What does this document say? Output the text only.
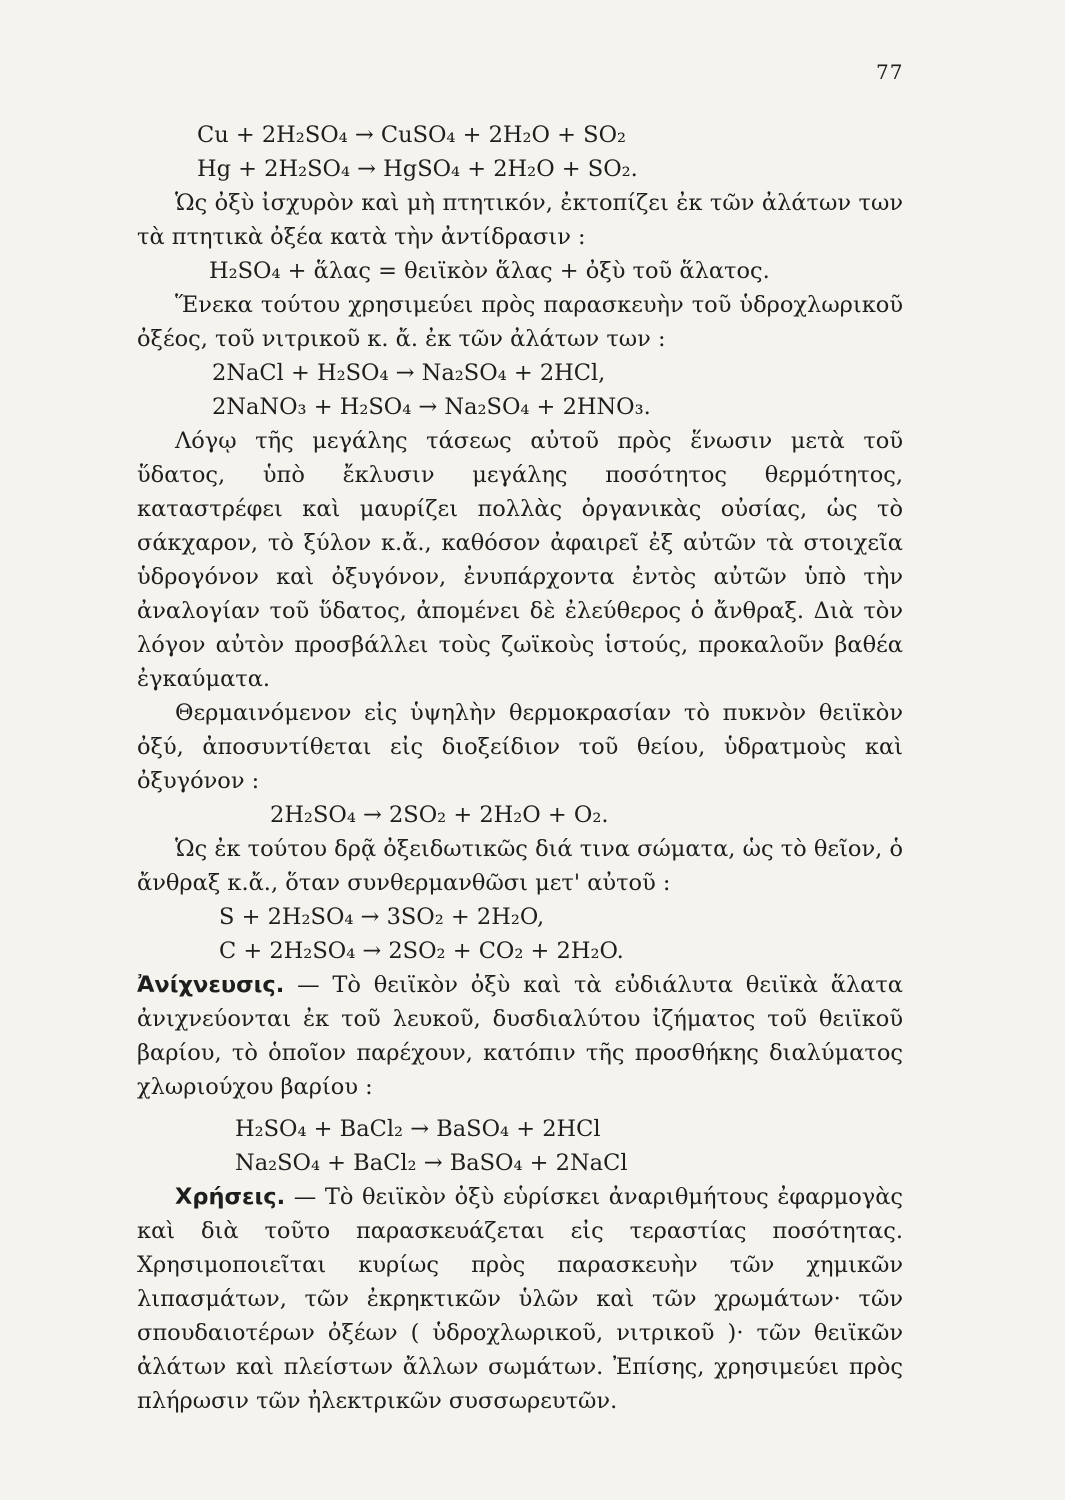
77
Cu + 2H₂SO₄ → CuSO₄ + 2H₂O + SO₂
Hg + 2H₂SO₄ → HgSO₄ + 2H₂O + SO₂.

Ὡς ὀξὺ ἰσχυρὸν καὶ μὴ πτητικόν, ἐκτοπίζει ἐκ τῶν ἀλάτων των τὰ πτητικὰ ὀξέα κατὰ τὴν ἀντίδρασιν :

H₂SO₄ + ἅλας = θειϊκὸν ἅλας + ὀξὺ τοῦ ἅλατος.

Ἕνεκα τούτου χρησιμεύει πρὸς παρασκευὴν τοῦ ὑδροχλωρικοῦ ὀξέος, τοῦ νιτρικοῦ κ. ἄ. ἐκ τῶν ἀλάτων των :

2NaCl + H₂SO₄ → Na₂SO₄ + 2HCl,
2NaNO₃ + H₂SO₄ → Na₂SO₄ + 2HNO₃.

Λόγῳ τῆς μεγάλης τάσεως αὐτοῦ πρὸς ἕνωσιν μετὰ τοῦ ὕδατος, ὑπὸ ἔκλυσιν μεγάλης ποσότητος θερμότητος, καταστρέφει καὶ μαυρίζει πολλὰς ὀργανικὰς οὐσίας, ὡς τὸ σάκχαρον, τὸ ξύλον κ.ἄ., καθόσον ἀφαιρεῖ ἐξ αὐτῶν τὰ στοιχεῖα ὑδρογόνον καὶ ὀξυγόνον, ἐνυπάρχοντα ἐντὸς αὐτῶν ὑπὸ τὴν ἀναλογίαν τοῦ ὕδατος, ἀπομένει δὲ ἐλεύθερος ὁ ἄνθραξ. Διὰ τὸν λόγον αὐτὸν προσβάλλει τοὺς ζωϊκοὺς ἱστούς, προκαλοῦν βαθέα ἐγκαύματα.

Θερμαινόμενον εἰς ὑψηλὴν θερμοκρασίαν τὸ πυκνὸν θειϊκὸν ὀξύ, ἀποσυντίθεται εἰς διοξείδιον τοῦ θείου, ὑδρατμοὺς καὶ ὀξυγόνον :

2H₂SO₄ → 2SO₂ + 2H₂O + O₂.

Ὡς ἐκ τούτου δρᾷ ὀξειδωτικῶς διά τινα σώματα, ὡς τὸ θεῖον, ὁ ἄνθραξ κ.ἄ., ὅταν συνθερμανθῶσι μετ' αὐτοῦ :

S + 2H₂SO₄ → 3SO₂ + 2H₂O,
C + 2H₂SO₄ → 2SO₂ + CO₂ + 2H₂O.

Ἀνίχνευσις. — Τὸ θειϊκὸν ὀξὺ καὶ τὰ εὐδιάλυτα θειϊκὰ ἅλατα ἀνιχνεύονται ἐκ τοῦ λευκοῦ, δυσδιαλύτου ἰζήματος τοῦ θειϊκοῦ βαρίου, τὸ ὁποῖον παρέχουν, κατόπιν τῆς προσθήκης διαλύματος χλωριούχου βαρίου :

H₂SO₄ + BaCl₂ → BaSO₄ + 2HCl
Na₂SO₄ + BaCl₂ → BaSO₄ + 2NaCl

Χρήσεις. — Τὸ θειϊκὸν ὀξὺ εὑρίσκει ἀναριθμήτους ἐφαρμογὰς καὶ διὰ τοῦτο παρασκευάζεται εἰς τεραστίας ποσότητας. Χρησιμοποιεῖται κυρίως πρὸς παρασκευὴν τῶν χημικῶν λιπασμάτων, τῶν ἐκρηκτικῶν ὑλῶν καὶ τῶν χρωμάτων· τῶν σπουδαιοτέρων ὀξέων ( ὑδροχλωρικοῦ, νιτρικοῦ )· τῶν θειϊκῶν ἀλάτων καὶ πλείστων ἄλλων σωμάτων. Ἐπίσης, χρησιμεύει πρὸς πλήρωσιν τῶν ἠλεκτρικῶν συσσωρευτῶν.
